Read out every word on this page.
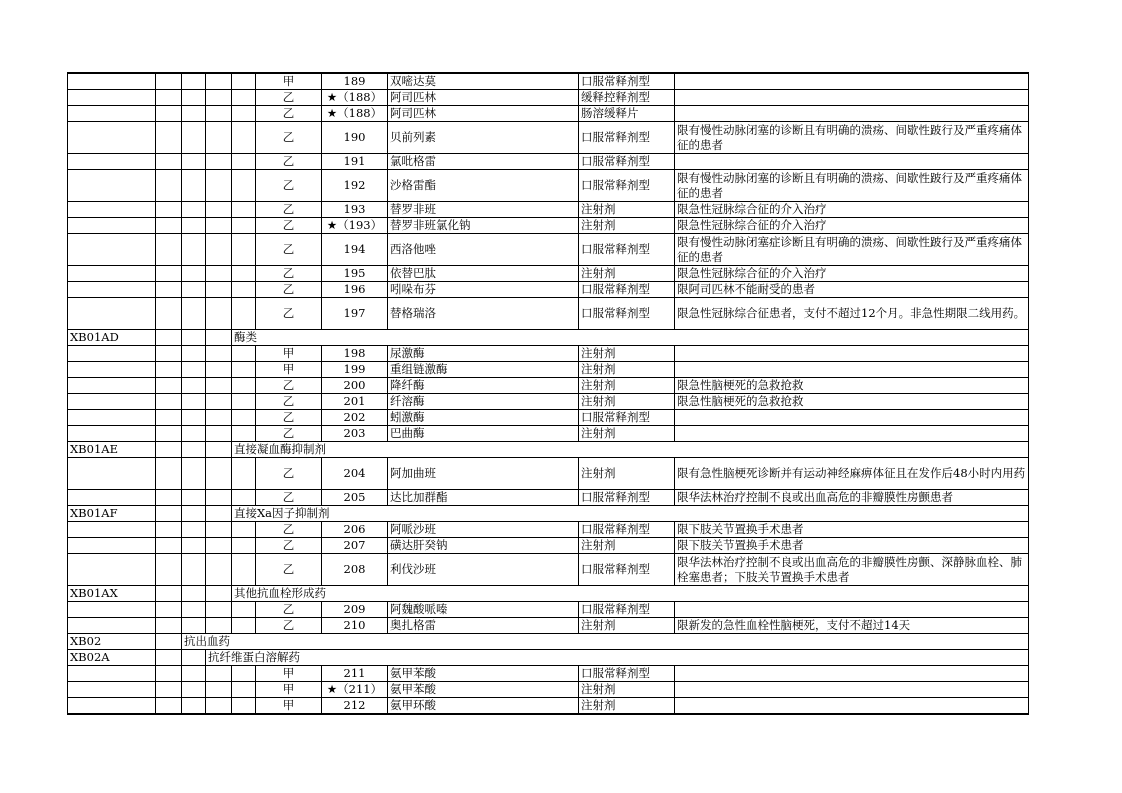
					甲	189	双嘧达莫	口服常释剂型	
					乙	★（188）	阿司匹林	缓释控释剂型	
					乙	★（188）	阿司匹林	肠溶缓释片	
					乙	190	贝前列素	口服常释剂型	限有慢性动脉闭塞的诊断且有明确的溃疡、间歇性跛行及严重疼痛体征的患者
					乙	191	氯吡格雷	口服常释剂型	
					乙	192	沙格雷酯	口服常释剂型	限有慢性动脉闭塞的诊断且有明确的溃疡、间歇性跛行及严重疼痛体征的患者
					乙	193	替罗非班	注射剂	限急性冠脉综合征的介入治疗
					乙	★（193）	替罗非班氯化钠	注射剂	限急性冠脉综合征的介入治疗
					乙	194	西洛他唑	口服常释剂型	限有慢性动脉闭塞症诊断且有明确的溃疡、间歇性跛行及严重疼痛体征的患者
					乙	195	依替巴肽	注射剂	限急性冠脉综合征的介入治疗
					乙	196	吲哚布芬	口服常释剂型	限阿司匹林不能耐受的患者
					乙	197	替格瑞洛	口服常释剂型	限急性冠脉综合征患者，支付不超过12个月。非急性期限二线用药。
XB01AD				酶类					
					甲	198	尿激酶	注射剂	
					甲	199	重组链激酶	注射剂	
					乙	200	降纤酶	注射剂	限急性脑梗死的急救抢救
					乙	201	纤溶酶	注射剂	限急性脑梗死的急救抢救
					乙	202	蚓激酶	口服常释剂型	
					乙	203	巴曲酶	注射剂	
XB01AE				直接凝血酶抑制剂					
					乙	204	阿加曲班	注射剂	限有急性脑梗死诊断并有运动神经麻痹体征且在发作后48小时内用药
					乙	205	达比加群酯	口服常释剂型	限华法林治疗控制不良或出血高危的非瓣膜性房颤患者
XB01AF				直接Xa因子抑制剂					
					乙	206	阿哌沙班	口服常释剂型	限下肢关节置换手术患者
					乙	207	磺达肝癸钠	注射剂	限下肢关节置换手术患者
					乙	208	利伐沙班	口服常释剂型	限华法林治疗控制不良或出血高危的非瓣膜性房颤、深静脉血栓、肺栓塞患者；下肢关节置换手术患者
XB01AX				其他抗血栓形成药					
					乙	209	阿魏酸哌嗪	口服常释剂型	
					乙	210	奥扎格雷	注射剂	限新发的急性血栓性脑梗死，支付不超过14天
XB02		抗出血药							
XB02A			抗纤维蛋白溶解药						
					甲	211	氨甲苯酸	口服常释剂型	
					甲	★（211）	氨甲苯酸	注射剂	
					甲	212	氨甲环酸	注射剂	
